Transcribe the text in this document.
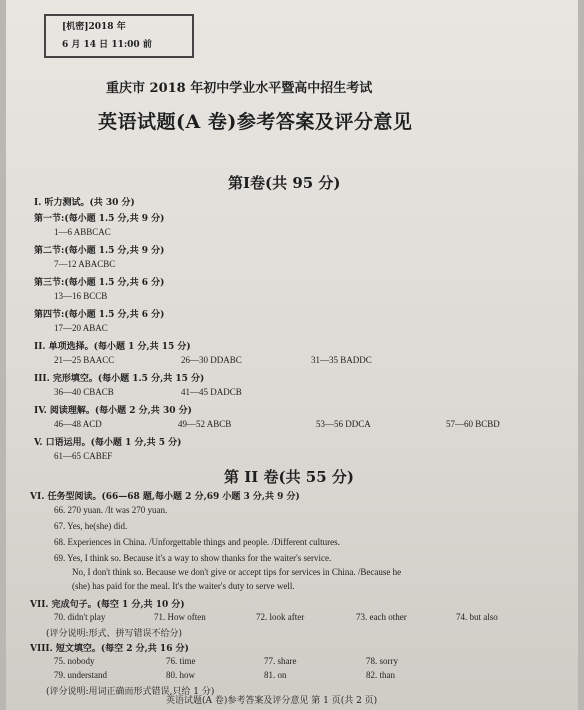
[机密]2018 年
6 月 14 日 11:00 前
重庆市 2018 年初中学业水平暨高中招生考试
英语试题(A 卷)参考答案及评分意见
第Ⅰ卷(共 95 分)
I. 听力测试。(共 30 分)
第一节:(每小题 1.5 分,共 9 分)
1—6 ABBCAC
第二节:(每小题 1.5 分,共 9 分)
7—12 ABACBC
第三节:(每小题 1.5 分,共 6 分)
13—16 BCCB
第四节:(每小题 1.5 分,共 6 分)
17—20 ABAC
II. 单项选择。(每小题 1 分,共 15 分)
21—25 BAACC	26—30 DDABC	31—35 BADDC
III. 完形填空。(每小题 1.5 分,共 15 分)
36—40 CBACB	41—45 DADCB
IV. 阅读理解。(每小题 2 分,共 30 分)
46—48 ACD	49—52 ABCB	53—56 DDCA	57—60 BCBD
V. 口语运用。(每小题 1 分,共 5 分)
61—65 CABEF
第 II 卷(共 55 分)
VI. 任务型阅读。(66—68 题,每小题 2 分,69 小题 3 分,共 9 分)
66. 270 yuan. /It was 270 yuan.
67. Yes, he(she) did.
68. Experiences in China. /Unforgettable things and people. /Different cultures.
69. Yes, I think so. Because it's a way to show thanks for the waiter's service.
No, I don't think so. Because we don't give or accept tips for services in China. /Because he
(she) has paid for the meal. It's the waiter's duty to serve well.
VII. 完成句子。(每空 1 分,共 10 分)
70. didn't play	71. How often	72. look after	73. each other	74. but also
(评分说明:形式、拼写错误不给分)
VIII. 短文填空。(每空 2 分,共 16 分)
75. nobody	76. time	77. share	78. sorry
79. understand	80. how	81. on	82. than
(评分说明:用词正确而形式错误,只给 1 分)
英语试题(A 卷)参考答案及评分意见 第 1 页(共 2 页)
